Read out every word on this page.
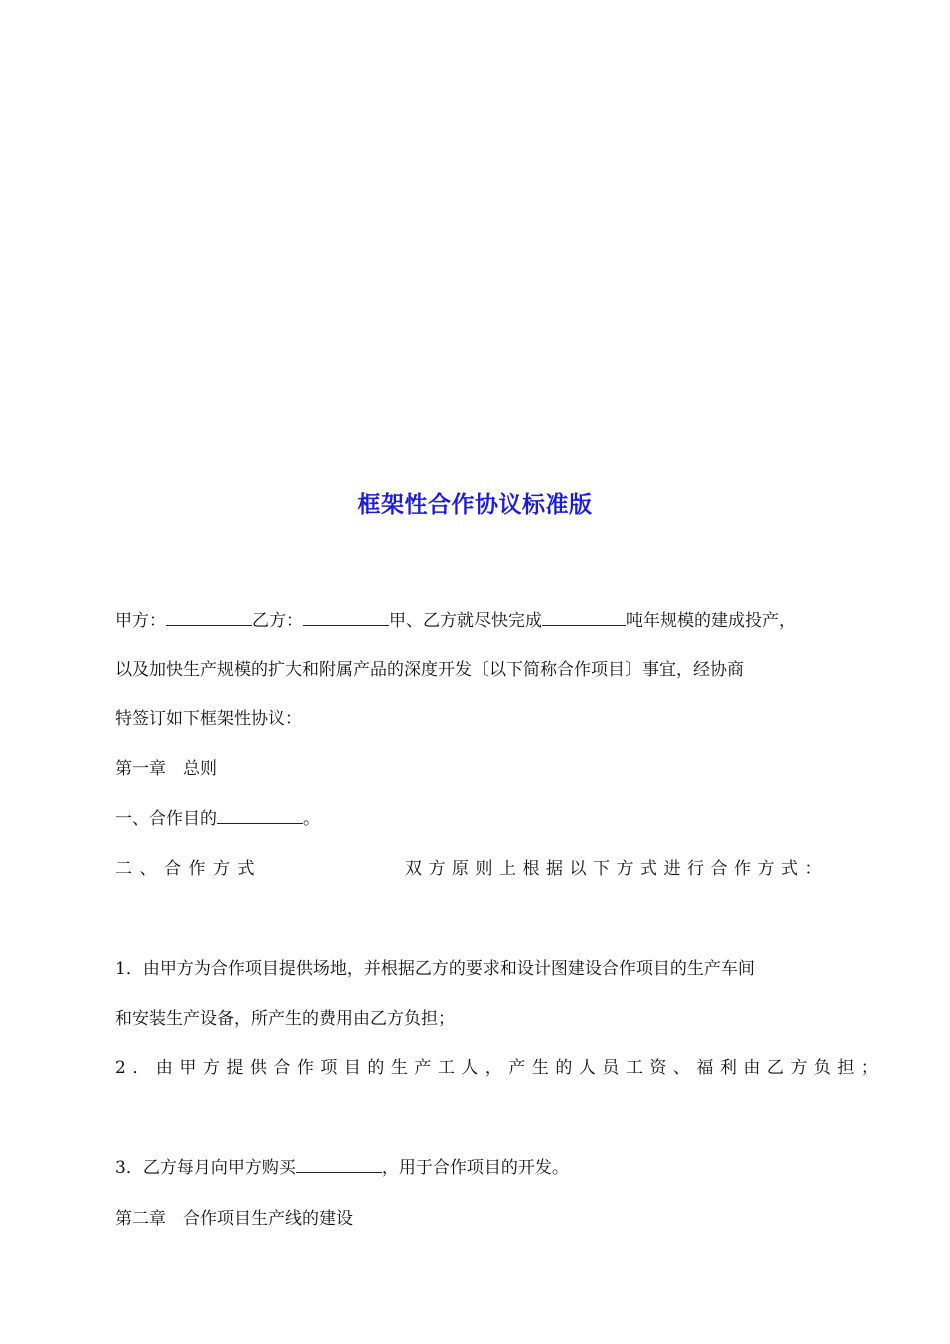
框架性合作协议标准版

甲方：	乙方：	甲、乙方就尽快完成	吨年规模的建成投产，

以及加快生产规模的扩大和附属产品的深度开发〔以下简称合作项目〕事宜，经协商

特签订如下框架性协议：

第一章　总则

一、合作目的	。

二、合作方式	双方原则上根据以下方式进行合作方式：

1．由甲方为合作项目提供场地，并根据乙方的要求和设计图建设合作项目的生产车间

和安装生产设备，所产生的费用由乙方负担；

2．由甲方提供合作项目的生产工人，产生的人员工资、福利由乙方负担；

3．乙方每月向甲方购买	，用于合作项目的开发。

第二章　合作项目生产线的建设
